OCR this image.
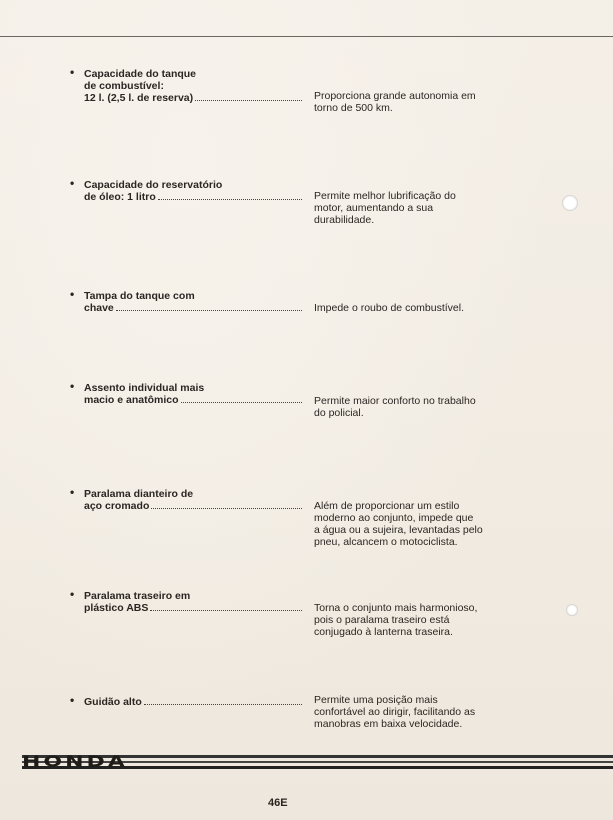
• Capacidade do tanque
de combustível:
12 l. (2,5 l. de reserva)	Proporciona grande autonomia em
torno de 500 km.
• Capacidade do reservatório
de óleo: 1 litro	Permite melhor lubrificação do
motor, aumentando a sua
durabilidade.
• Tampa do tanque com
chave	Impede o roubo de combustível.
• Assento individual mais
macio e anatômico	Permite maior conforto no trabalho
do policial.
• Paralama dianteiro de
aço cromado	Além de proporcionar um estilo
moderno ao conjunto, impede que
a água ou a sujeira, levantadas pelo
pneu, alcancem o motociclista.
• Paralama traseiro em
plástico ABS	Torna o conjunto mais harmonioso,
pois o paralama traseiro está
conjugado à lanterna traseira.
• Guidão alto	Permite uma posição mais
confortável ao dirigir, facilitando as
manobras em baixa velocidade.
HONDA
46E
